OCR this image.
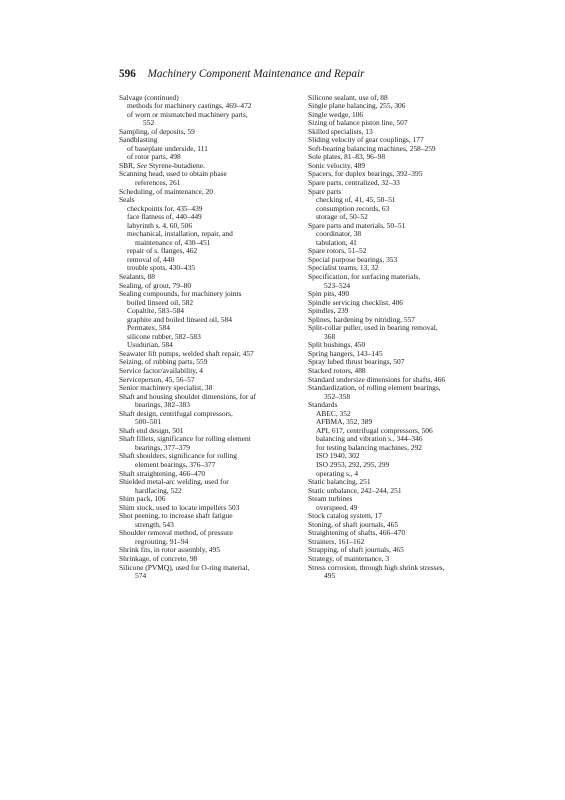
596 Machinery Component Maintenance and Repair
Salvage (continued)
methods for machinery castings, 469–472
of worn or mismatched machinery parts,
552
Sampling, of deposits, 59
Sandblasting
of baseplate underside, 111
of rotor parts, 498
SBR, See Styrene-butadiene.
Scanning head, used to obtain phase
references, 261
Scheduling, of maintenance, 20
Seals
checkpoints for, 435–439
face flatness of, 440–449
labyrinth s. 4, 60, 506
mechanical, installation, repair, and
maintenance of, 430–451
repair of s. flanges, 462
removal of, 440
trouble spots, 430–435
Sealants, 88
Sealing, of grout, 79–80
Sealing compounds, for machinery joints
boiled linseed oil, 582
Copaltite, 583–584
graphite and boiled linseed oil, 584
Permatex, 584
silicone rubber, 582–583
Usudurian, 584
Seawater lift pumps, welded shaft repair, 457
Seizing, of rubbing parts, 559
Service factor/availability, 4
Serviceperson, 45, 56–57
Senior machinery specialist, 38
Shaft and housing shoulder dimensions, for af
bearings, 382–383
Shaft design, centrifugal compressors,
500–501
Shaft end design, 501
Shaft fillets, significance for rolling element
bearings, 377–379
Shaft shoulders, significance for rolling
element bearings, 376–377
Shaft straightening, 466–470
Shielded metal-arc welding, used for
hardfacing, 522
Shim pack, 106
Shim stock, used to locate impellers 503
Shot peening, to increase shaft fatigue
strength, 543
Shoulder removal method, of pressure
regrouting, 91–94
Shrink fits, in rotor assembly, 495
Shrinkage, of concrete, 98
Silicone (PVMQ), used for O-ring material,
574
Silicone sealant, use of, 88
Single plane balancing, 255, 306
Single wedge, 106
Sizing of balance piston line, 507
Skilled specialists, 13
Sliding velocity of gear couplings, 177
Soft-bearing balancing machines, 258–259
Sole plates, 81–83, 96–98
Sonic velocity, 489
Spacers, for duplex bearings, 392–395
Spare parts, centralized, 32–33
Spare parts
checking of, 41, 45, 50–51
consumption records, 63
storage of, 50–52
Spare parts and materials, 50–51
coordinator, 38
tabulation, 41
Spare rotors, 51–52
Special purpose bearings, 353
Specialist teams, 13, 32
Specification, for surfacing materials,
523–524
Spin pits, 490
Spindle servicing checklist, 406
Spindles, 239
Splines, hardening by nitriding, 557
Split-collar puller, used in bearing removal,
368
Split bushings, 450
Spring hangers, 143–145
Spray lubed thrust bearings, 507
Stacked rotors, 488
Standard undersize dimensions for shafts, 466
Standardization, of rolling element bearings,
352–358
Standards
ABEC, 352
AFBMA, 352, 389
API, 617, centrifugal compressors, 506
balancing and vibration s., 344–346
for testing balancing machines, 292
ISO 1940, 302
ISO 2953, 292, 295, 299
operating s., 4
Static balancing, 251
Static unbalance, 242–244, 251
Steam turbines
overspeed, 49
Stock catalog system, 17
Stoning, of shaft journals, 465
Straightening of shafts, 466–470
Strainers, 161–162
Strapping, of shaft journals, 465
Strategy, of maintenance, 3
Stress corrosion, through high shrink stresses,
495
